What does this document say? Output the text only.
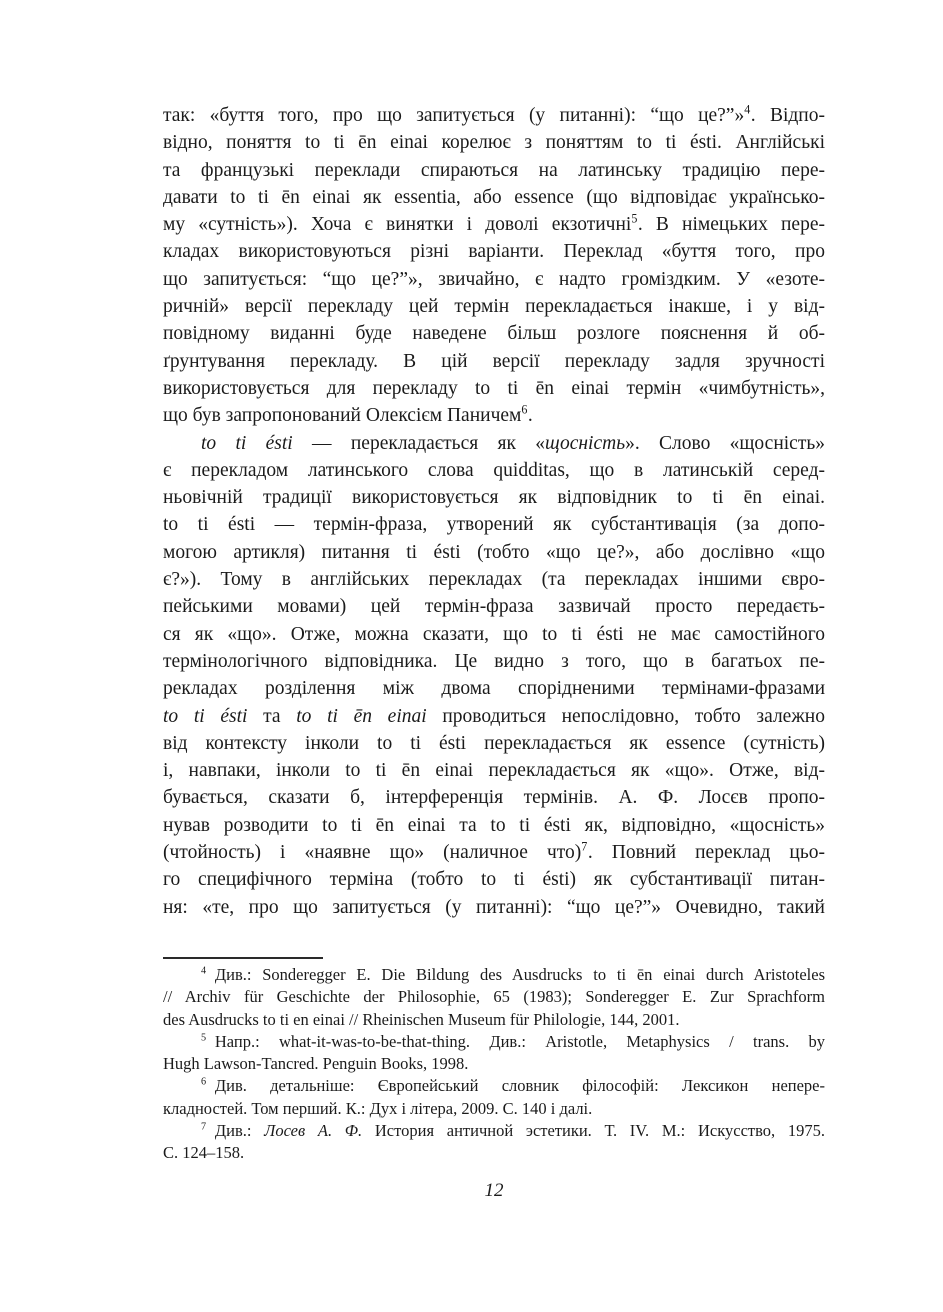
так: «буття того, про що запитується (у питанні): “що це?”»$^4$. Відпо-
відно, поняття to ti ēn einai корелює з поняттям to ti ésti. Англійські
та французькі переклади спираються на латинську традицію пере-
давати to ti ēn einai як essentia, або essence (що відповідає українсько-
му «сутність»). Хоча є винятки і доволі екзотичні$^5$. В німецьких пере-
кладах використовуються різні варіанти. Переклад «буття того, про
що запитується: “що це?”», звичайно, є надто громіздким. У «езоте-
ричній» версії перекладу цей термін перекладається інакше, і у від-
повідному виданні буде наведене більш розлоге пояснення й об-
ґрунтування перекладу. В цій версії перекладу задля зручності
використовується для перекладу to ti ēn einai термін «чимбутність»,
що був запропонований Олексієм Паничем$^6$.
to ti ésti — перекладається як «щосність». Слово «щосність»
є перекладом латинського слова quidditas, що в латинській серед-
ньовічній традиції використовується як відповідник to ti ēn einai.
to ti ésti — термін-фраза, утворений як субстантивація (за допо-
могою артикля) питання ti ésti (тобто «що це?», або дослівно «що
є?»). Тому в англійських перекладах (та перекладах іншими євро-
пейськими мовами) цей термін-фраза зазвичай просто передаєть-
ся як «що». Отже, можна сказати, що to ti ésti не має самостійного
термінологічного відповідника. Це видно з того, що в багатьох пе-
рекладах розділення між двома спорідненими термінами-фразами
to ti ésti та to ti ēn einai проводиться непослідовно, тобто залежно
від контексту інколи to ti ésti перекладається як essence (сутність)
і, навпаки, інколи to ti ēn einai перекладається як «що». Отже, від-
бувається, сказати б, інтерференція термінів. А. Ф. Лосєв пропо-
нував розводити to ti ēn einai та to ti ésti як, відповідно, «щосність»
(чтойность) і «наявне що» (наличное что)$^7$. Повний переклад цьо-
го специфічного терміна (тобто to ti ésti) як субстантивації питан-
ня: «те, про що запитується (у питанні): “що це?”» Очевидно, такий
$^4$ Див.: Sonderegger E. Die Bildung des Ausdrucks to ti ēn einai durch Aristoteles
// Archiv für Geschichte der Philosophie, 65 (1983); Sonderegger E. Zur Sprachform
des Ausdrucks to ti en einai // Rheinischen Museum für Philologie, 144, 2001.
$^5$ Напр.: what-it-was-to-be-that-thing. Див.: Aristotle, Metaphysics / trans. by
Hugh Lawson-Tancred. Penguin Books, 1998.
$^6$ Див. детальніше: Європейський словник філософій: Лексикон непере-
кладностей. Том перший. К.: Дух і літера, 2009. С. 140 і далі.
$^7$ Див.: Лосев А. Ф. История античной эстетики. Т. IV. М.: Искусство, 1975.
С. 124–158.
12
